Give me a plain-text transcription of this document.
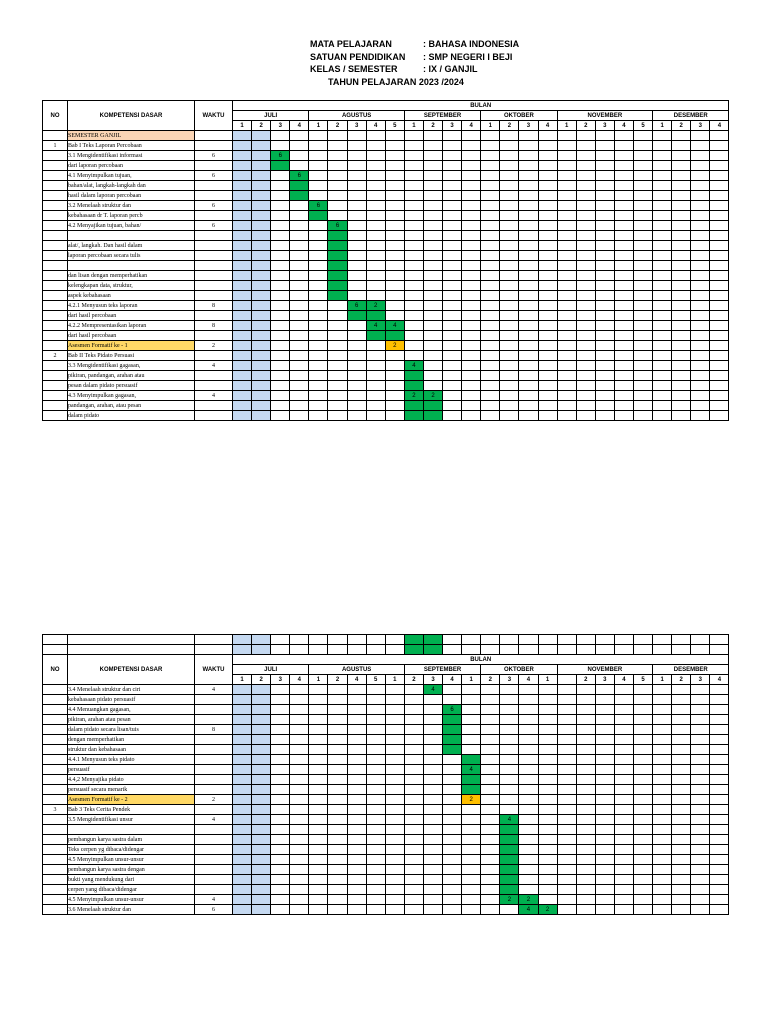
MATA PELAJARAN	: BAHASA INDONESIA
SATUAN PENDIDIKAN	: SMP NEGERI I BEJI
KELAS / SEMESTER	: IX / GANJIL
TAHUN PELAJARAN 2023 /2024
NO	KOMPETENSI DASAR	WAKTU	BULAN																									
			JULI				AGUSTUS					SEPTEMBER				OKTOBER				NOVEMBER					DESEMBER			
			1	2	3	4	1	2	3	4	5	1	2	3	4	1	2	3	4	1	2	3	4	5	1	2	3	4
	SEMESTER GANJIL																											
1	Bab I Teks Laporan Percobaan																											
	3.1 Mengidentifikasi informasi	6			6																							
	dari laporan percobaan																											
	4.1 Menyimpulkan tujuan,	6				6																						
	bahan/alat, langkah-langkah dan																											
	hasil dalam laporan percobaan																											
	3.2 Menelaah struktur dan	6					6																					
	kebahasaan dr T. laporan percb																											
	4.2 Menyajikan tujuan, bahan/	6						6																				

	alat/, langkah. Dan hasil dalam																											
	laporan percobaan secara tulis																											

	dan lisan dengan memperhatikan																											
	kelengkapan data, struktur,																											
	aspek kebahasaan																											
	4.2.1 Menyusun teks laporan	8							6	2																		
	dari hasil percobaan																											
	4.2.2 Mempresentasikan laporan	8								4	4																	
	dari hasil percobaan																											
	Asesmen Formatif ke - 1	2									2																	
2	Bab II Teks Pidato Persuasi																											
	3.3 Mengidentifikasi gagasan,	4										4																
	pikiran, pandangan, arahan atau																											
	pesan dalam pidato persuasif																											
	4.3 Menyimpulkan gagasan,	4										2	2															
	pandangan, arahan, atau pesan																											
	dalam pidato																											

NO	KOMPETENSI DASAR	WAKTU	BULAN																									
			JULI				AGUSTUS					SEPTEMBER				OKTOBER				NOVEMBER					DESEMBER			
			1	2	3	4	1	2	4	5	1	2	3	4	1	2	3	4	1		2	3	4	5	1	2	3	4
	3.4 Menelaah struktur dan ciri	4											4															
	kebahasaan pidato persuasif																											
	4.4 Menuangkan gagasan,													6														
	pikiran, arahan atau pesan																											
	dalam pidato secara lisan/tuis	8																										
	dengan memperhatikan																											
	struktur dan kebahasaan																											
	4.4.1 Menyusun teks pidato																											
	persuasif														4													
	4.4,2 Menyajika pidato																											
	persuasif secara menarik																											
	Asesmen Formatif ke - 2	2													2													
3	Bab 3 Teks Cerita Pendek																											
	3.5 Mengidentifikasi unsur	4															4											

	pembangun karya sastra dalam																											
	Teks cerpen yg dibaca/didengar																											
	4.5 Menyimpulkan unsur-unsur																											
	pembangun karya sastra dengan																											
	bukti yang mendukung dari																											
	cerpen yang dibaca/didengar																											
	4.5 Menyimpulkan unsur-unsur	4															2	2										
	3.6 Menelaah struktur dan	6																4	2									
